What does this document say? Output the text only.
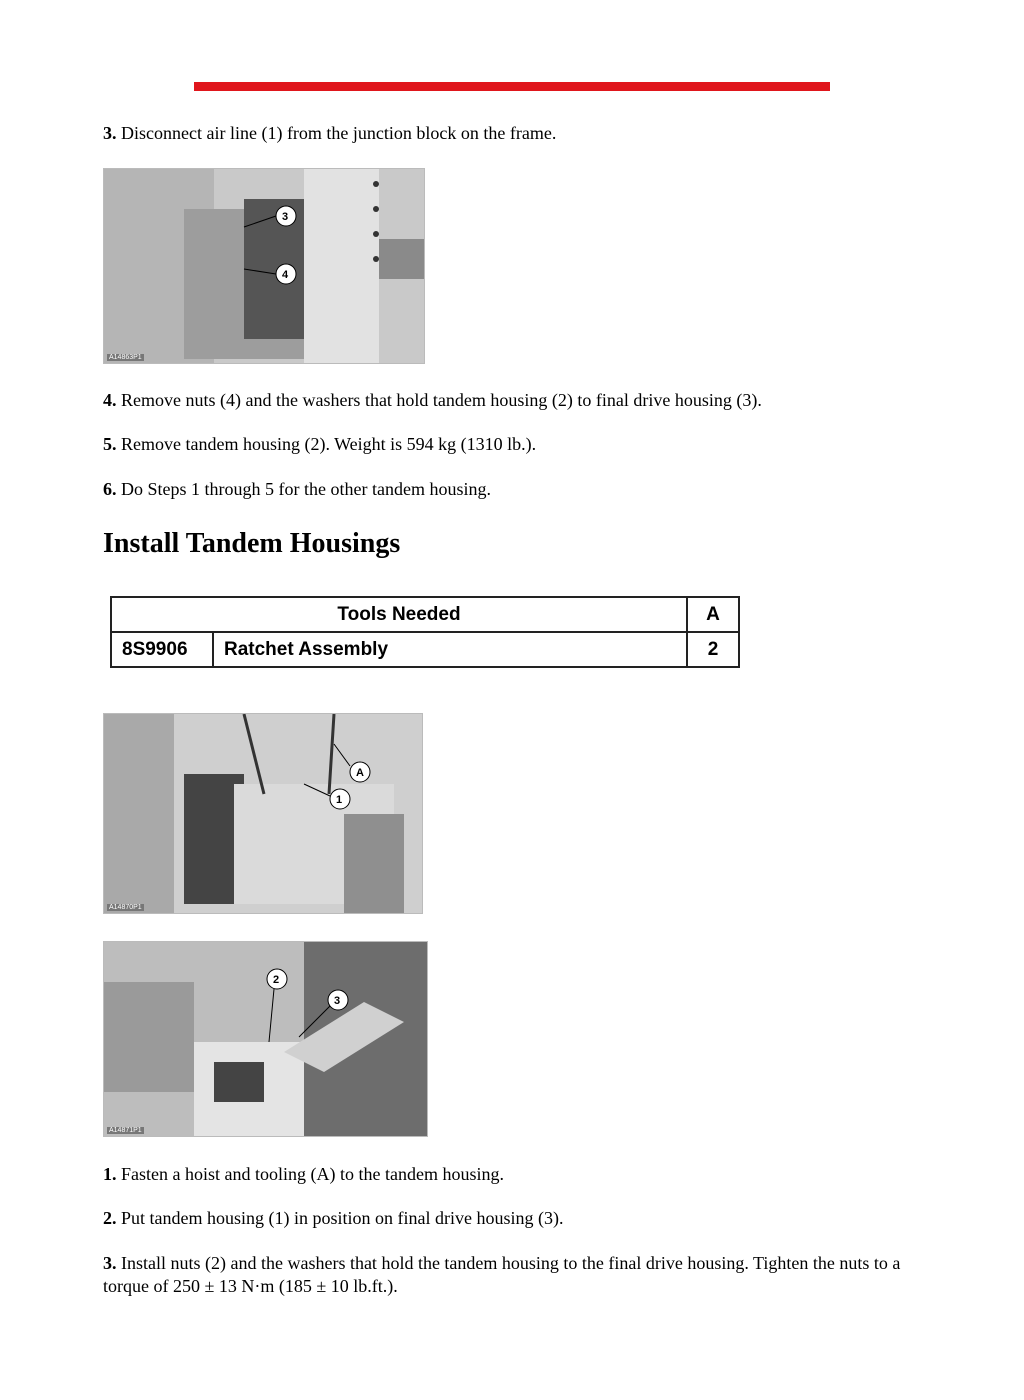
3. Disconnect air line (1) from the junction block on the frame.

3
4
A14863P1

4. Remove nuts (4) and the washers that hold tandem housing (2) to final drive housing (3).

5. Remove tandem housing (2). Weight is 594 kg (1310 lb.).

6. Do Steps 1 through 5 for the other tandem housing.

Install Tandem Housings
Tools Needed		A
8S9906	Ratchet Assembly	2
A
1
A14870P1
2
3
A14871P1

1. Fasten a hoist and tooling (A) to the tandem housing.

2. Put tandem housing (1) in position on final drive housing (3).

3. Install nuts (2) and the washers that hold the tandem housing to the final drive housing. Tighten the nuts to a torque of 250 ± 13 N·m (185 ± 10 lb.ft.).
